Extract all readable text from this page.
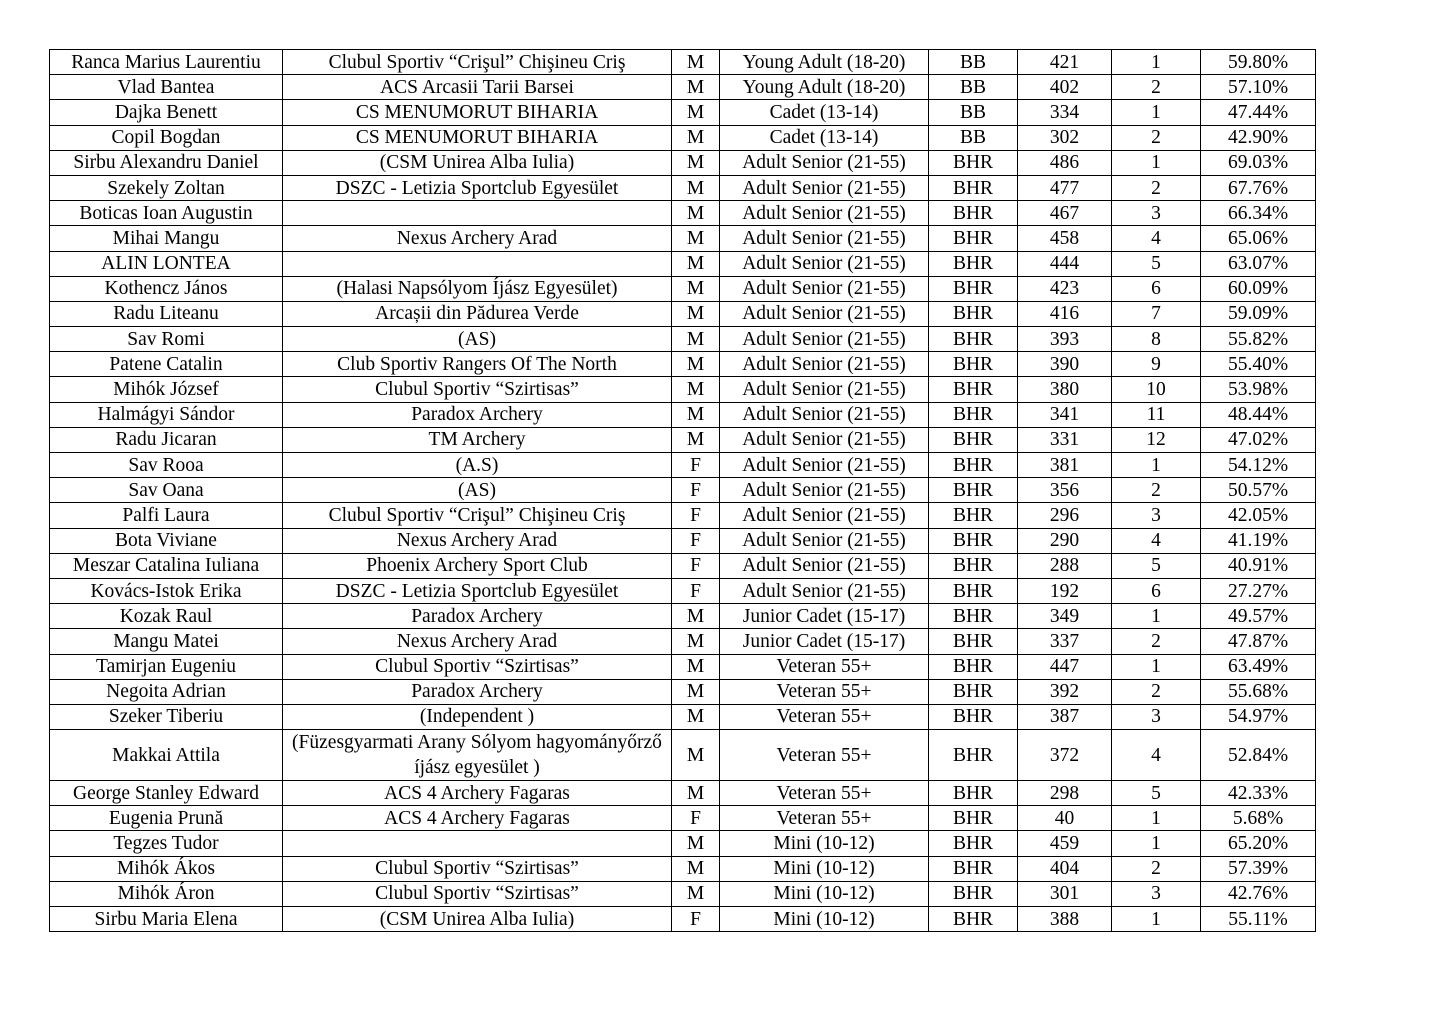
Ranca Marius Laurentiu	Clubul Sportiv “Crişul” Chişineu Criş	M	Young Adult (18-20)	BB	421	1	59.80%
Vlad Bantea	ACS Arcasii Tarii Barsei	M	Young Adult (18-20)	BB	402	2	57.10%
Dajka Benett	CS MENUMORUT BIHARIA	M	Cadet (13-14)	BB	334	1	47.44%
Copil Bogdan	CS MENUMORUT BIHARIA	M	Cadet (13-14)	BB	302	2	42.90%
Sirbu Alexandru Daniel	(CSM Unirea Alba Iulia)	M	Adult Senior (21-55)	BHR	486	1	69.03%
Szekely Zoltan	DSZC - Letizia Sportclub Egyesület	M	Adult Senior (21-55)	BHR	477	2	67.76%
Boticas Ioan Augustin		M	Adult Senior (21-55)	BHR	467	3	66.34%
Mihai Mangu	Nexus Archery Arad	M	Adult Senior (21-55)	BHR	458	4	65.06%
ALIN LONTEA		M	Adult Senior (21-55)	BHR	444	5	63.07%
Kothencz János	(Halasi Napsólyom Íjász Egyesület)	M	Adult Senior (21-55)	BHR	423	6	60.09%
Radu Liteanu	Arcașii din Pădurea Verde	M	Adult Senior (21-55)	BHR	416	7	59.09%
Sav Romi	(AS)	M	Adult Senior (21-55)	BHR	393	8	55.82%
Patene Catalin	Club Sportiv Rangers Of The North	M	Adult Senior (21-55)	BHR	390	9	55.40%
Mihók József	Clubul Sportiv “Szirtisas”	M	Adult Senior (21-55)	BHR	380	10	53.98%
Halmágyi Sándor	Paradox Archery	M	Adult Senior (21-55)	BHR	341	11	48.44%
Radu Jicaran	TM Archery	M	Adult Senior (21-55)	BHR	331	12	47.02%
Sav Rooa	(A.S)	F	Adult Senior (21-55)	BHR	381	1	54.12%
Sav Oana	(AS)	F	Adult Senior (21-55)	BHR	356	2	50.57%
Palfi Laura	Clubul Sportiv “Crişul” Chişineu Criş	F	Adult Senior (21-55)	BHR	296	3	42.05%
Bota Viviane	Nexus Archery Arad	F	Adult Senior (21-55)	BHR	290	4	41.19%
Meszar Catalina Iuliana	Phoenix Archery Sport Club	F	Adult Senior (21-55)	BHR	288	5	40.91%
Kovács-Istok Erika	DSZC - Letizia Sportclub Egyesület	F	Adult Senior (21-55)	BHR	192	6	27.27%
Kozak Raul	Paradox Archery	M	Junior Cadet (15-17)	BHR	349	1	49.57%
Mangu Matei	Nexus Archery Arad	M	Junior Cadet (15-17)	BHR	337	2	47.87%
Tamirjan Eugeniu	Clubul Sportiv “Szirtisas”	M	Veteran 55+	BHR	447	1	63.49%
Negoita Adrian	Paradox Archery	M	Veteran 55+	BHR	392	2	55.68%
Szeker Tiberiu	(Independent )	M	Veteran 55+	BHR	387	3	54.97%
Makkai Attila	(Füzesgyarmati Arany Sólyom hagyományőrző íjász egyesület )	M	Veteran 55+	BHR	372	4	52.84%
George Stanley Edward	ACS 4 Archery Fagaras	M	Veteran 55+	BHR	298	5	42.33%
Eugenia Prună	ACS 4 Archery Fagaras	F	Veteran 55+	BHR	40	1	5.68%
Tegzes Tudor		M	Mini (10-12)	BHR	459	1	65.20%
Mihók Ákos	Clubul Sportiv “Szirtisas”	M	Mini (10-12)	BHR	404	2	57.39%
Mihók Áron	Clubul Sportiv “Szirtisas”	M	Mini (10-12)	BHR	301	3	42.76%
Sirbu Maria Elena	(CSM Unirea Alba Iulia)	F	Mini (10-12)	BHR	388	1	55.11%
